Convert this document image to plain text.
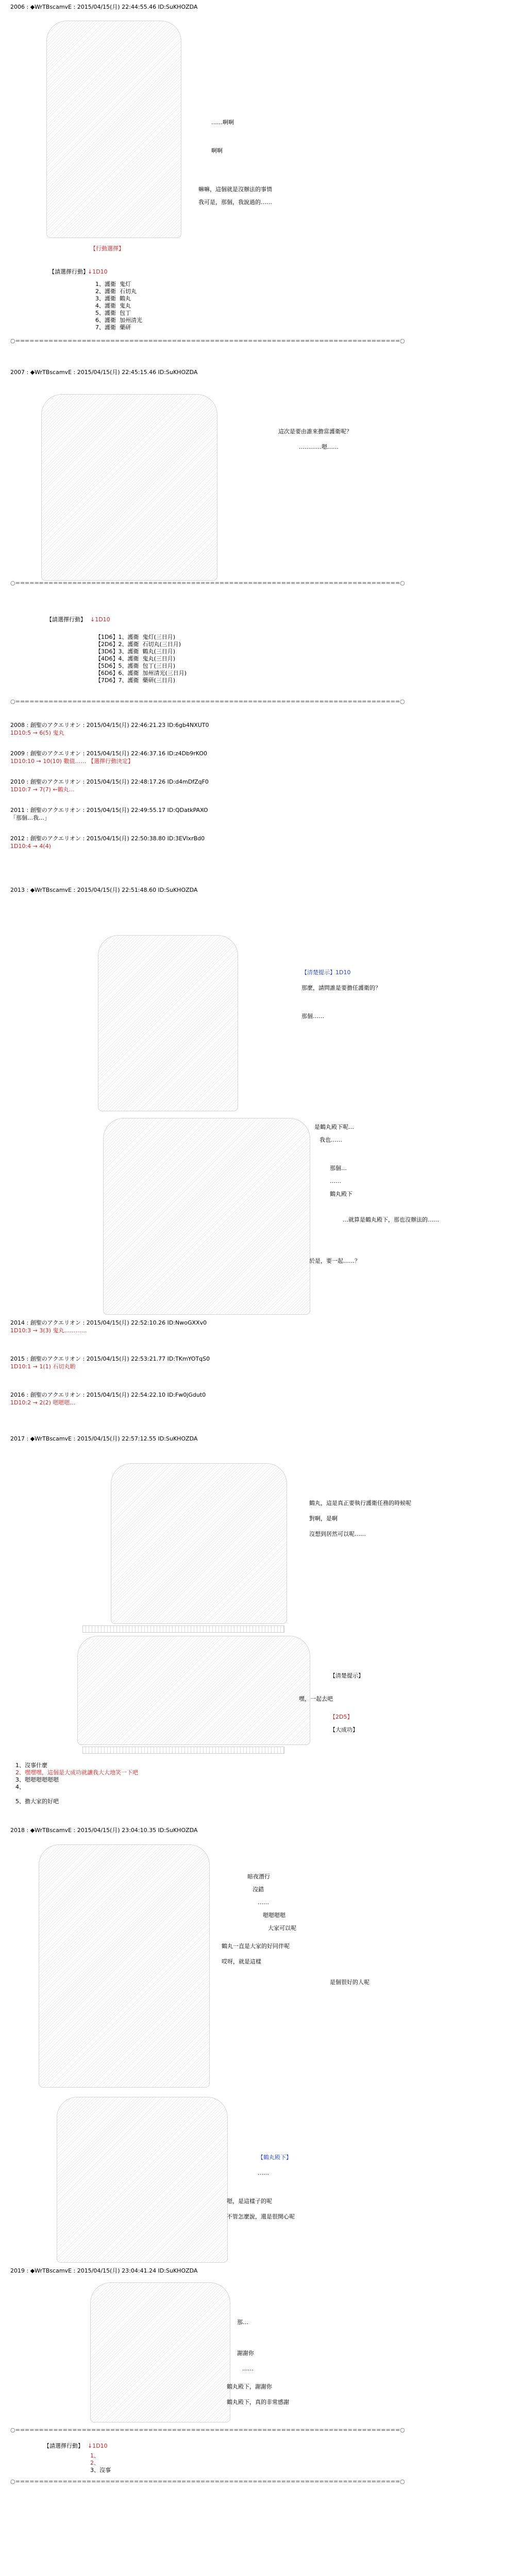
2006 : ◆WrTBscamvE : 2015/04/15(月) 22:44:55.46 ID:SuKHOZDA
……啊啊
啊啊
嘛嘛，這個就是沒辦法的事情
我可是，那個，我說過的……
【行動選擇】
【請選擇行動】
↓1D10
1、護衛  鬼灯
2、護衛  石切丸
3、護衛  鶴丸
4、護衛  鬼丸
5、護衛  包丁
6、護衛  加州清光
7、護衛  藥研
○=================================================================================○
2007 : ◆WrTBscamvE : 2015/04/15(月) 22:45:15.46 ID:SuKHOZDA
這次是要由誰來擔當護衛呢？
…………嗯……
○=================================================================================○
【請選擇行動】 ↓1D10
【1D6】1、護衛  鬼灯(三日月)
【2D6】2、護衛  石切丸(三日月)
【3D6】3、護衛  鶴丸(三日月)
【4D6】4、護衛  鬼丸(三日月)
【5D6】5、護衛  包丁(三日月)
【6D6】6、護衛  加州清光(三日月)
【7D6】7、護衛  藥研(三日月)
○=================================================================================○
2008 : 創聖のアクエリオン : 2015/04/15(月) 22:46:21.23 ID:6gb4NXUT0
1D10:5 → 6(5) 鬼丸
2009 : 創聖のアクエリオン : 2015/04/15(月) 22:46:37.16 ID:z4Db9rKO0
1D10:10 → 10(10) 數值…… 【選擇行動決定】
2010 : 創聖のアクエリオン : 2015/04/15(月) 22:48:17.26 ID:d4mDfZqF0
1D10:7 → 7(7) ←鶴丸…
2011 : 創聖のアクエリオン : 2015/04/15(月) 22:49:55.17 ID:QDatkPAXO
「那個…我…」
2012 : 創聖のアクエリオン : 2015/04/15(月) 22:50:38.80 ID:3EVlxrBd0
1D10:4 → 4(4)
2013 : ◆WrTBscamvE : 2015/04/15(月) 22:51:48.60 ID:SuKHOZDA
【清楚提示】1D10
那麼，請問誰是要擔任護衛的？
那個……
是鶴丸殿下呢…
我也……
那個…
……
鶴丸殿下
…就算是鶴丸殿下，那也沒辦法的……
於是，要一起……？
2014 : 創聖のアクエリオン : 2015/04/15(月) 22:52:10.26 ID:NwoGXXv0
1D10:3 → 3(3) 鬼丸…………
2015 : 創聖のアクエリオン : 2015/04/15(月) 22:53:21.77 ID:TKmYOTqS0
1D10:1 → 1(1) 石切丸喲
2016 : 創聖のアクエリオン : 2015/04/15(月) 22:54:22.10 ID:Fw0jGdut0
1D10:2 → 2(2) 嗯嗯嗯…
2017 : ◆WrTBscamvE : 2015/04/15(月) 22:57:12.55 ID:SuKHOZDA
鶴丸，這是真正要執行護衛任務的時候呢
對啊，是啊
沒想到居然可以呢……
【清楚提示】
嘿，一起去吧
【2D5】
【大成功】
1、沒事什麼
2、嘿嘿嘿，這個是大成功就讓我大大地笑一下吧
3、嗯嗯嗯嗯嗯嗯
4、

5、擔大家的好吧
2018 : ◆WrTBscamvE : 2015/04/15(月) 23:04:10.35 ID:SuKHOZDA
暗夜潛行
沒錯
……
嗯嗯嗯嗯
大家可以呢
鶴丸一直是大家的好同伴呢
哎呀，就是這樣
是個很好的人呢
【鶴丸殿下】
……
嗯，是這樣子的呢
不管怎麼說，還是很開心呢
2019 : ◆WrTBscamvE : 2015/04/15(月) 23:04:41.24 ID:SuKHOZDA
那…
謝謝你
……
鶴丸殿下，謝謝你
鶴丸殿下，真的非常感謝
○=================================================================================○
【請選擇行動】 ↓1D10
1、
2、
3、沒事
○=================================================================================○
